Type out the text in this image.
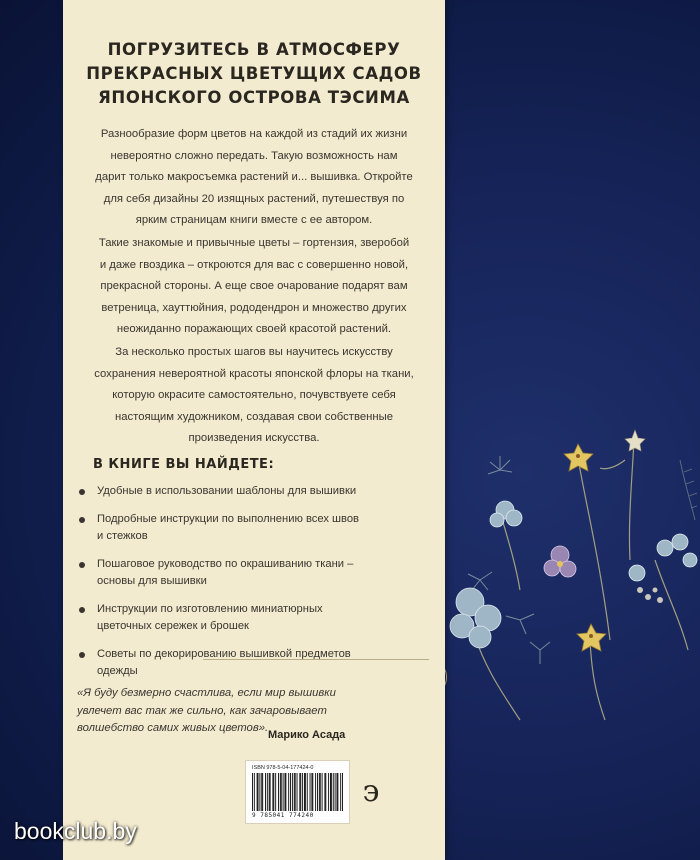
ПОГРУЗИТЕСЬ В АТМОСФЕРУ
ПРЕКРАСНЫХ ЦВЕТУЩИХ САДОВ
ЯПОНСКОГО ОСТРОВА ТЭСИМА
Разнообразие форм цветов на каждой из стадий их жизни
невероятно сложно передать. Такую возможность нам
дарит только макросъемка растений и... вышивка. Откройте
для себя дизайны 20 изящных растений, путешествуя по
ярким страницам книги вместе с ее автором.
Такие знакомые и привычные цветы – гортензия, зверобой
и даже гвоздика – откроются для вас с совершенно новой,
прекрасной стороны. А еще свое очарование подарят вам
ветреница, хауттюйния, рододендрон и множество других
неожиданно поражающих своей красотой растений.
За несколько простых шагов вы научитесь искусству
сохранения невероятной красоты японской флоры на ткани,
которую окрасите самостоятельно, почувствуете себя
настоящим художником, создавая свои собственные
произведения искусства.
В КНИГЕ ВЫ НАЙДЕТЕ:
Удобные в использовании шаблоны для вышивки
Подробные инструкции по выполнению всех швов
и стежков
Пошаговое руководство по окрашиванию ткани –
основы для вышивки
Инструкции по изготовлению миниатюрных
цветочных сережек и брошек
Советы по декорированию вышивкой предметов
одежды
«Я буду безмерно счастлива, если мир вышивки
увлечет вас так же сильно, как зачаровывает
волшебство самих живых цветов».
Марико Асада
ISBN 978-5-04-177424-0
9 785041 774240
э
bookclub.by
